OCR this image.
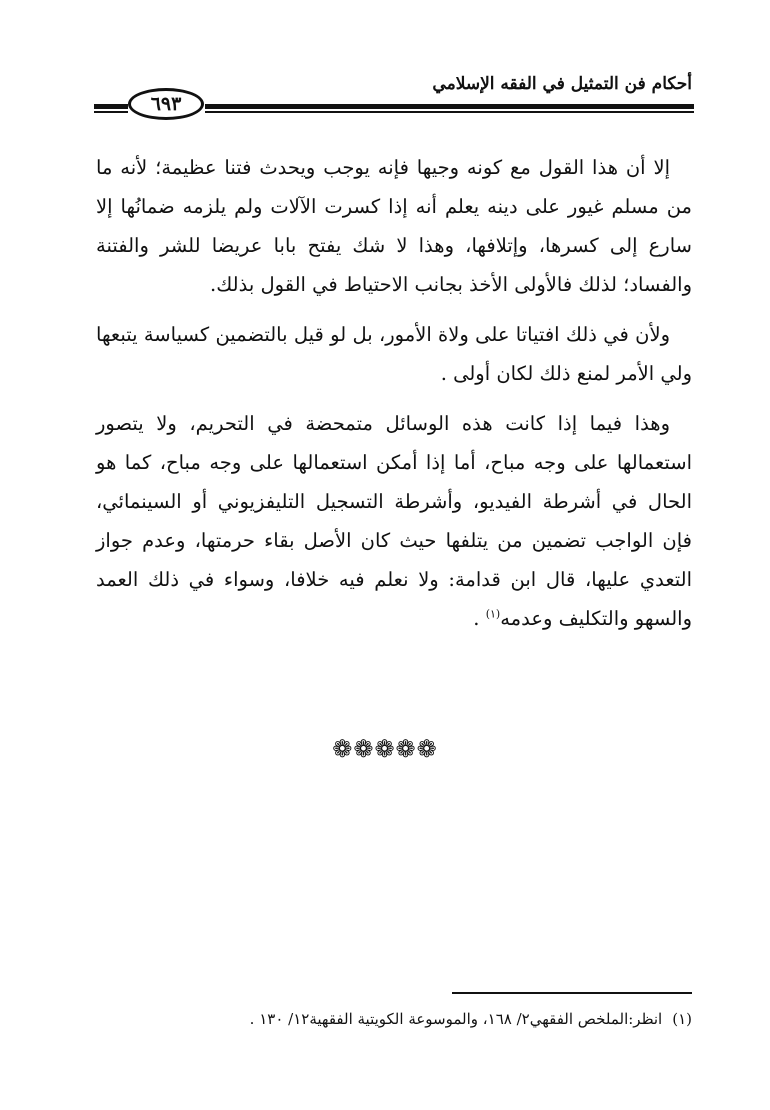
أحكام فن التمثيل في الفقه الإسلامي
٦٩٣

إلا أن هذا القول مع كونه وجيها فإنه يوجب ويحدث فتنا عظيمة؛ لأنه ما من مسلم غيور على دينه يعلم أنه إذا كسرت الآلات ولم يلزمه ضمانُها إلا سارع إلى كسرها، وإتلافها، وهذا لا شك يفتح بابا عريضا للشر والفتنة والفساد؛ لذلك فالأولى الأخذ بجانب الاحتياط في القول بذلك.

ولأن في ذلك افتياتا على ولاة الأمور، بل لو قيل بالتضمين كسياسة يتبعها ولي الأمر لمنع ذلك لكان أولى .

وهذا فيما إذا كانت هذه الوسائل متمحضة في التحريم، ولا يتصور استعمالها على وجه مباح، أما إذا أمكن استعمالها على وجه مباح، كما هو الحال في أشرطة الفيديو، وأشرطة التسجيل التليفزيوني أو السينمائي، فإن الواجب تضمين من يتلفها حيث كان الأصل بقاء حرمتها، وعدم جواز التعدي عليها، قال ابن قدامة: ولا نعلم فيه خلافا، وسواء في ذلك العمد والسهو والتكليف وعدمه$^{(١)}$ .

❁❁❁❁❁
(١)انظر:الملخص الفقهي٢/ ١٦٨، والموسوعة الكويتية الفقهية١٢/ ١٣٠ .
